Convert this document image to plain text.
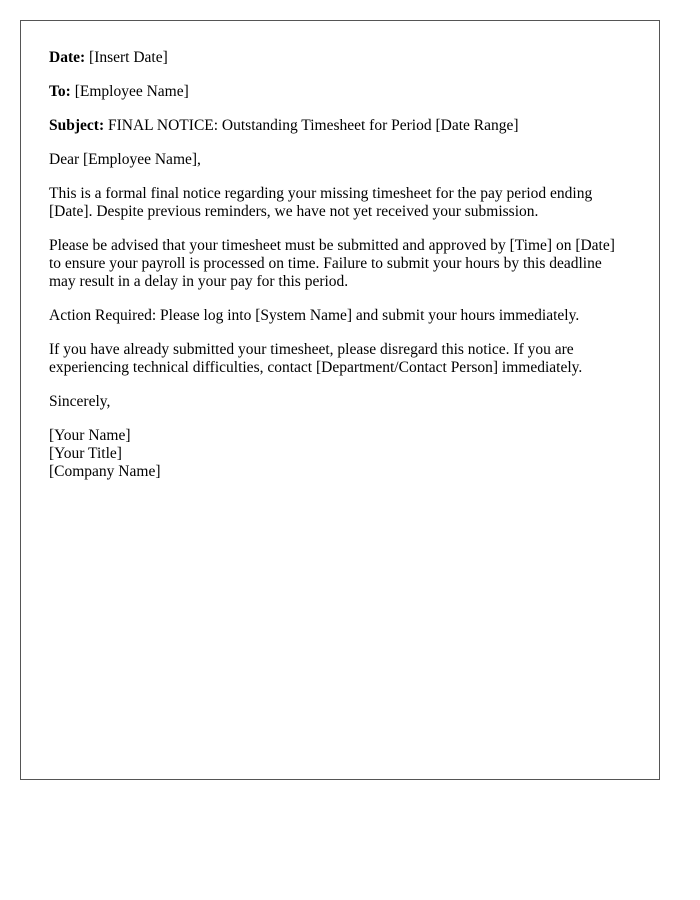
Date: [Insert Date]
To: [Employee Name]
Subject: FINAL NOTICE: Outstanding Timesheet for Period [Date Range]

Dear [Employee Name],

This is a formal final notice regarding your missing timesheet for the pay period ending [Date]. Despite previous reminders, we have not yet received your submission.

Please be advised that your timesheet must be submitted and approved by [Time] on [Date] to ensure your payroll is processed on time. Failure to submit your hours by this deadline may result in a delay in your pay for this period.

Action Required: Please log into [System Name] and submit your hours immediately.

If you have already submitted your timesheet, please disregard this notice. If you are experiencing technical difficulties, contact [Department/Contact Person] immediately.

Sincerely,

[Your Name]

[Your Title]

[Company Name]
